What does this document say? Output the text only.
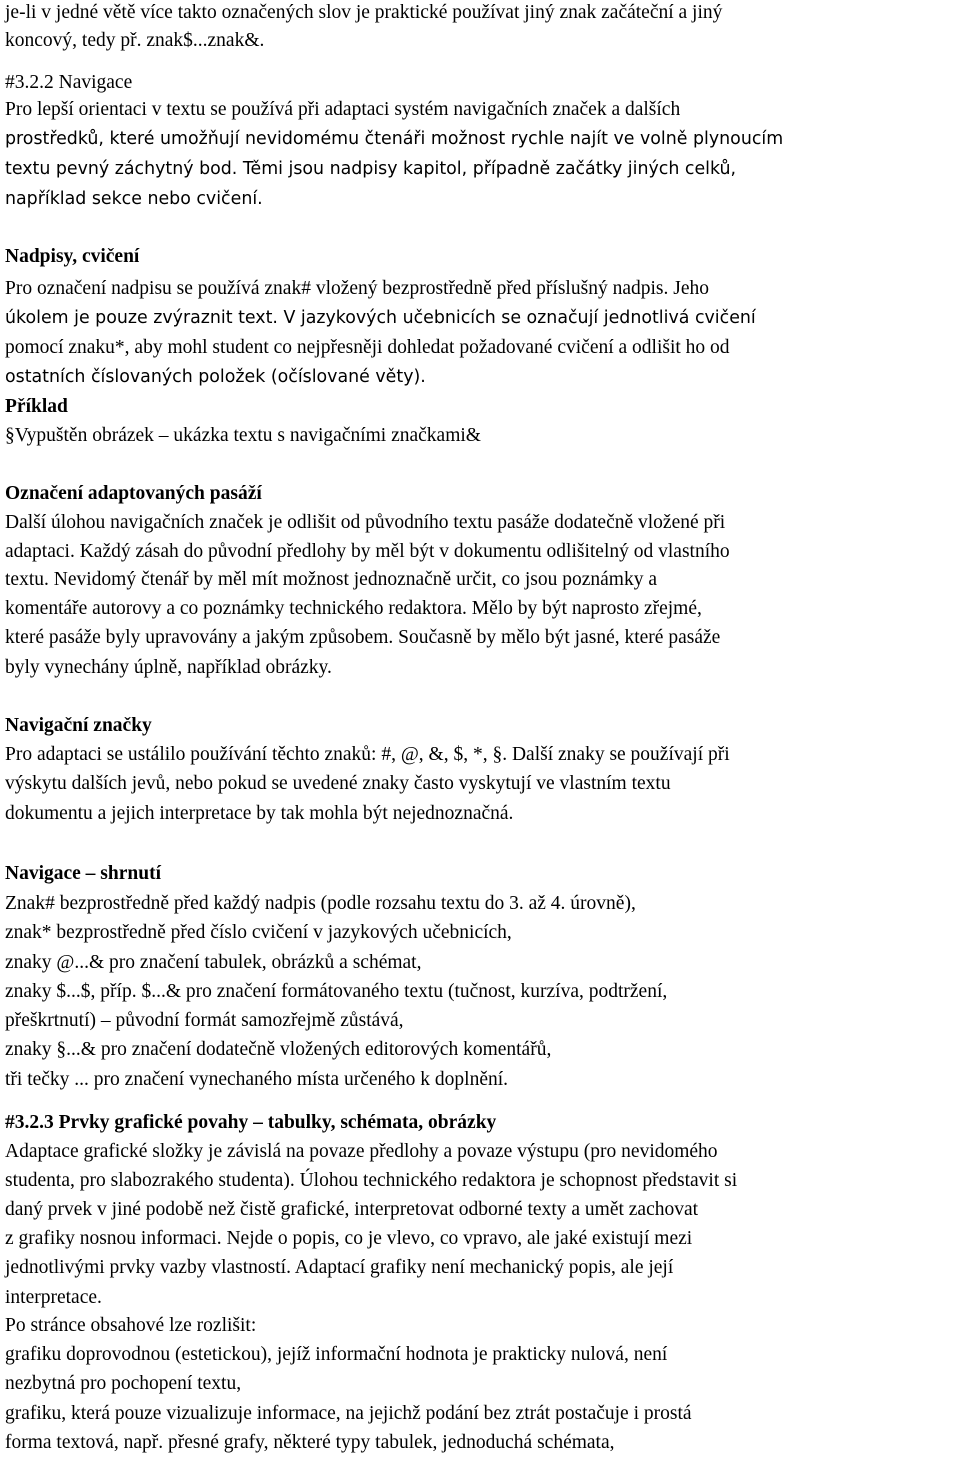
je-li v jedné větě více takto označených slov je praktické používat jiný znak začáteční a jiný
koncový, tedy př. znak$...znak&.
#3.2.2 Navigace
Pro lepší orientaci v textu se používá při adaptaci systém navigačních značek a dalších
prostředků, které umožňují nevidomému čtenáři možnost rychle najít ve volně plynoucím
textu pevný záchytný bod. Těmi jsou nadpisy kapitol, případně začátky jiných celků,
například sekce nebo cvičení.
Nadpisy, cvičení
Pro označení nadpisu se používá znak# vložený bezprostředně před příslušný nadpis. Jeho
úkolem je pouze zvýraznit text. V jazykových učebnicích se označují jednotlivá cvičení
pomocí znaku*, aby mohl student co nejpřesněji dohledat požadované cvičení a odlišit ho od
ostatních číslovaných položek (očíslované věty).
Příklad
§Vypuštěn obrázek – ukázka textu s navigačními značkami&
Označení adaptovaných pasáží
Další úlohou navigačních značek je odlišit od původního textu pasáže dodatečně vložené při
adaptaci. Každý zásah do původní předlohy by měl být v dokumentu odlišitelný od vlastního
textu. Nevidomý čtenář by měl mít možnost jednoznačně určit, co jsou poznámky a
komentáře autorovy a co poznámky technického redaktora. Mělo by být naprosto zřejmé,
které pasáže byly upravovány a jakým způsobem. Současně by mělo být jasné, které pasáže
byly vynechány úplně, například obrázky.
Navigační značky
Pro adaptaci se ustálilo používání těchto znaků: #, @, &, $, *, §. Další znaky se používají při
výskytu dalších jevů, nebo pokud se uvedené znaky často vyskytují ve vlastním textu
dokumentu a jejich interpretace by tak mohla být nejednoznačná.
Navigace – shrnutí
Znak# bezprostředně před každý nadpis (podle rozsahu textu do 3. až 4. úrovně),
znak* bezprostředně před číslo cvičení v jazykových učebnicích,
znaky @...& pro značení tabulek, obrázků a schémat,
znaky $...$, příp. $...& pro značení formátovaného textu (tučnost, kurzíva, podtržení,
přeškrtnutí) – původní formát samozřejmě zůstává,
znaky §...& pro značení dodatečně vložených editorových komentářů,
tři tečky ... pro značení vynechaného místa určeného k doplnění.
#3.2.3 Prvky grafické povahy – tabulky, schémata, obrázky
Adaptace grafické složky je závislá na povaze předlohy a povaze výstupu (pro nevidomého
studenta, pro slabozrakého studenta). Úlohou technického redaktora je schopnost představit si
daný prvek v jiné podobě než čistě grafické, interpretovat odborné texty a umět zachovat
z grafiky nosnou informaci. Nejde o popis, co je vlevo, co vpravo, ale jaké existují mezi
jednotlivými prvky vazby vlastností. Adaptací grafiky není mechanický popis, ale její
interpretace.
Po stránce obsahové lze rozlišit:
grafiku doprovodnou (estetickou), jejíž informační hodnota je prakticky nulová, není
nezbytná pro pochopení textu,
grafiku, která pouze vizualizuje informace, na jejichž podání bez ztrát postačuje i prostá
forma textová, např. přesné grafy, některé typy tabulek, jednoduchá schémata,
